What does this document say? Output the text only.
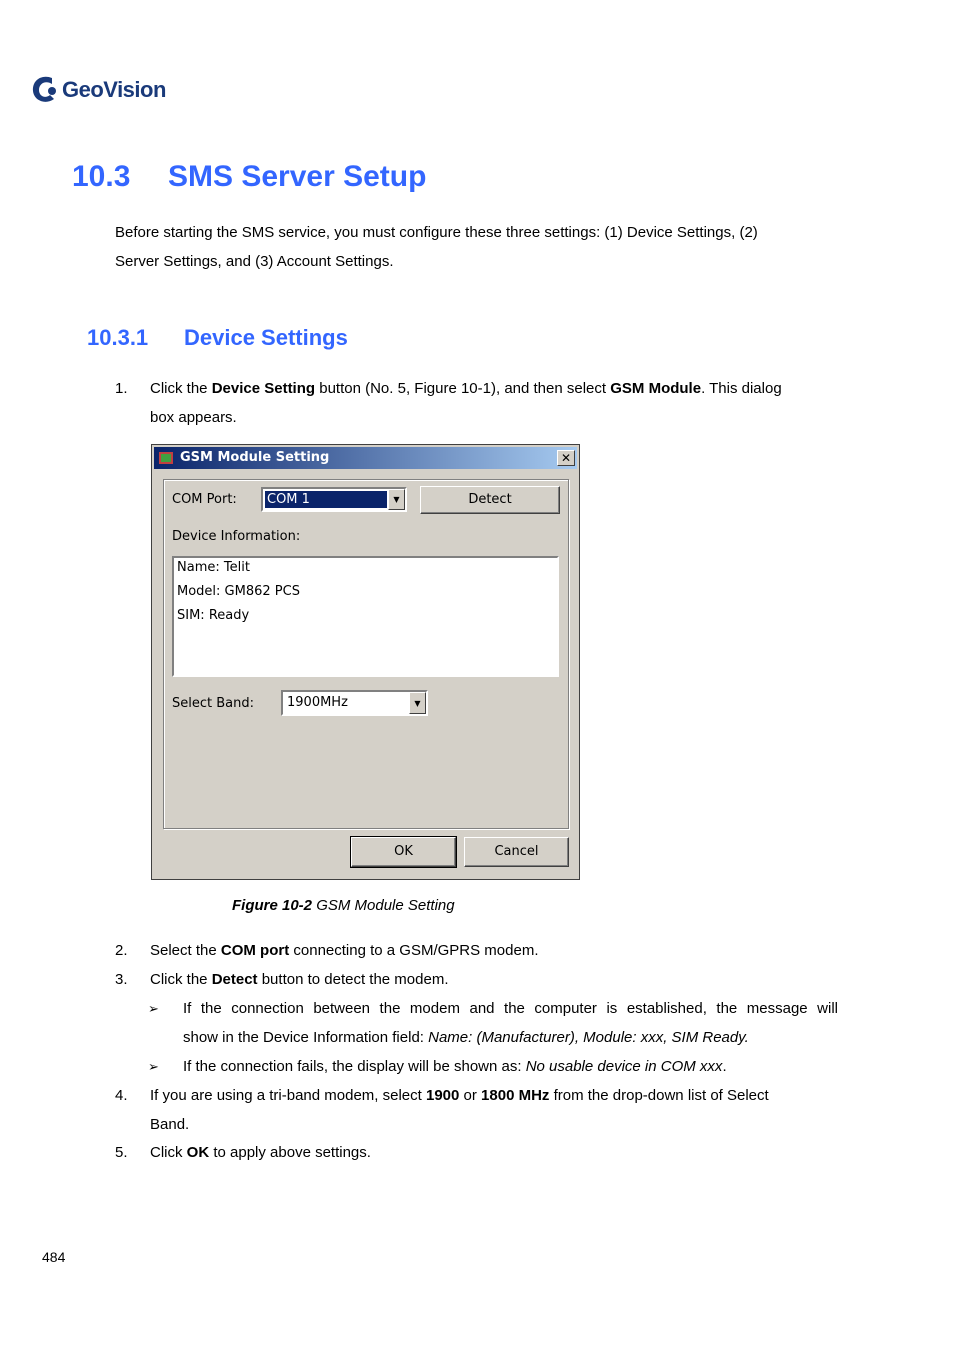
GeoVision
10.3 SMS Server Setup
Before starting the SMS service, you must configure these three settings: (1) Device Settings, (2)
Server Settings, and (3) Account Settings.
10.3.1 Device Settings
1. Click the Device Setting button (No. 5, Figure 10-1), and then select GSM Module. This dialog
box appears.
GSM Module Setting	✕
COM Port: COM 1	▼	Detect
Device Information:
Name: Telit
Model: GM862 PCS
SIM: Ready
Select Band:	1900MHz	▼
OK	Cancel
Figure 10-2 GSM Module Setting
2. Select the COM port connecting to a GSM/GPRS modem.
3. Click the Detect button to detect the modem.
➢ If the connection between the modem and the computer is established, the message will
show in the Device Information field: Name: (Manufacturer), Module: xxx, SIM Ready.
➢ If the connection fails, the display will be shown as: No usable device in COM xxx.
4. If you are using a tri-band modem, select 1900 or 1800 MHz from the drop-down list of Select
Band.
5. Click OK to apply above settings.
484
